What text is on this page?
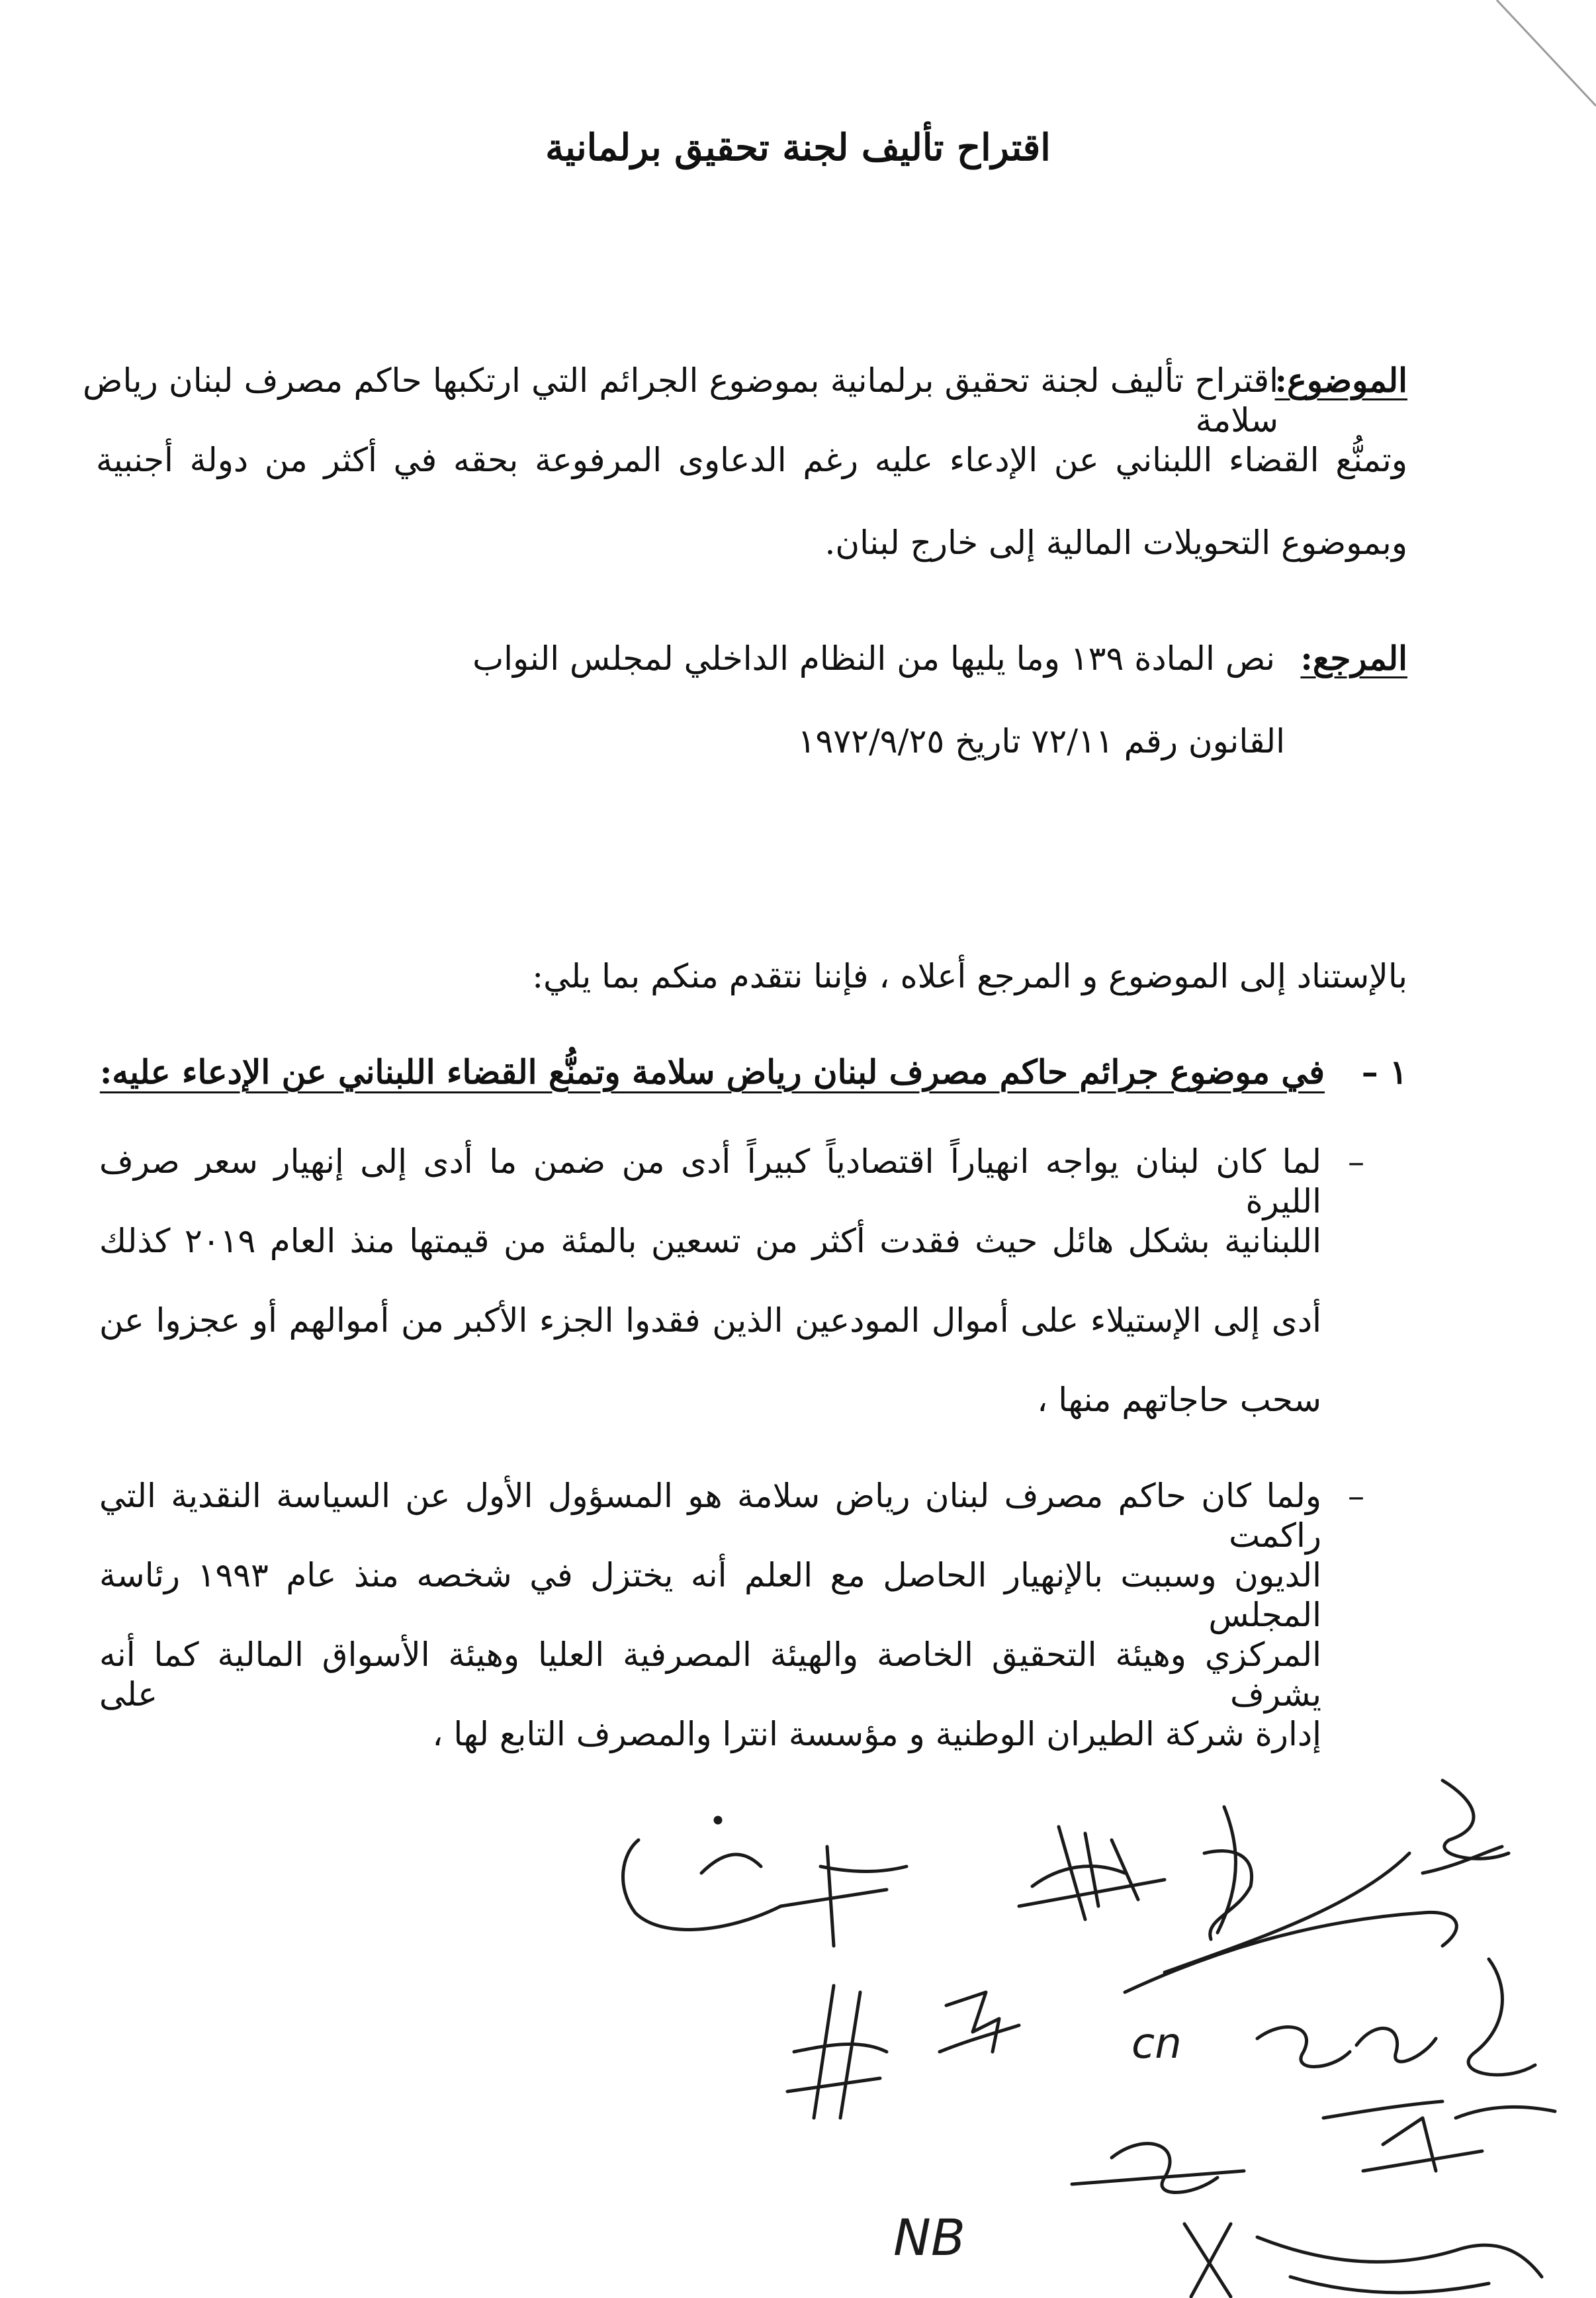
اقتراح تأليف لجنة تحقيق برلمانية
الموضوع:
اقتراح تأليف لجنة تحقيق برلمانية بموضوع الجرائم التي ارتكبها حاكم مصرف لبنان رياض سلامة
وتمنُّع القضاء اللبناني عن الإدعاء عليه رغم الدعاوى المرفوعة بحقه في أكثر من دولة أجنبية
وبموضوع التحويلات المالية إلى خارج لبنان.
المرجع:
نص المادة ١٣٩ وما يليها من النظام الداخلي لمجلس النواب
القانون رقم ٧٢/١١ تاريخ ١٩٧٢/٩/٢٥
بالإستناد إلى الموضوع و المرجع أعلاه ، فإننا نتقدم منكم بما يلي:
١ –
في موضوع جرائم حاكم مصرف لبنان رياض سلامة وتمنُّع القضاء اللبناني عن الإدعاء عليه:
–
لما كان لبنان يواجه انهياراً اقتصادياً كبيراً أدى من ضمن ما أدى إلى إنهيار سعر صرف الليرة
اللبنانية بشكل هائل حيث فقدت أكثر من تسعين بالمئة من قيمتها منذ العام ٢٠١٩ كذلك
أدى إلى الإستيلاء على أموال المودعين الذين فقدوا الجزء الأكبر من أموالهم أو عجزوا عن
سحب حاجاتهم منها ،
–
ولما كان حاكم مصرف لبنان رياض سلامة هو المسؤول الأول عن السياسة النقدية التي راكمت
الديون وسببت بالإنهيار الحاصل مع العلم أنه يختزل في شخصه منذ عام ١٩٩٣ رئاسة المجلس
المركزي وهيئة التحقيق الخاصة والهيئة المصرفية العليا وهيئة الأسواق المالية كما أنه يشرف على
إدارة شركة الطيران الوطنية و مؤسسة انترا والمصرف التابع لها ،
NB
cn
